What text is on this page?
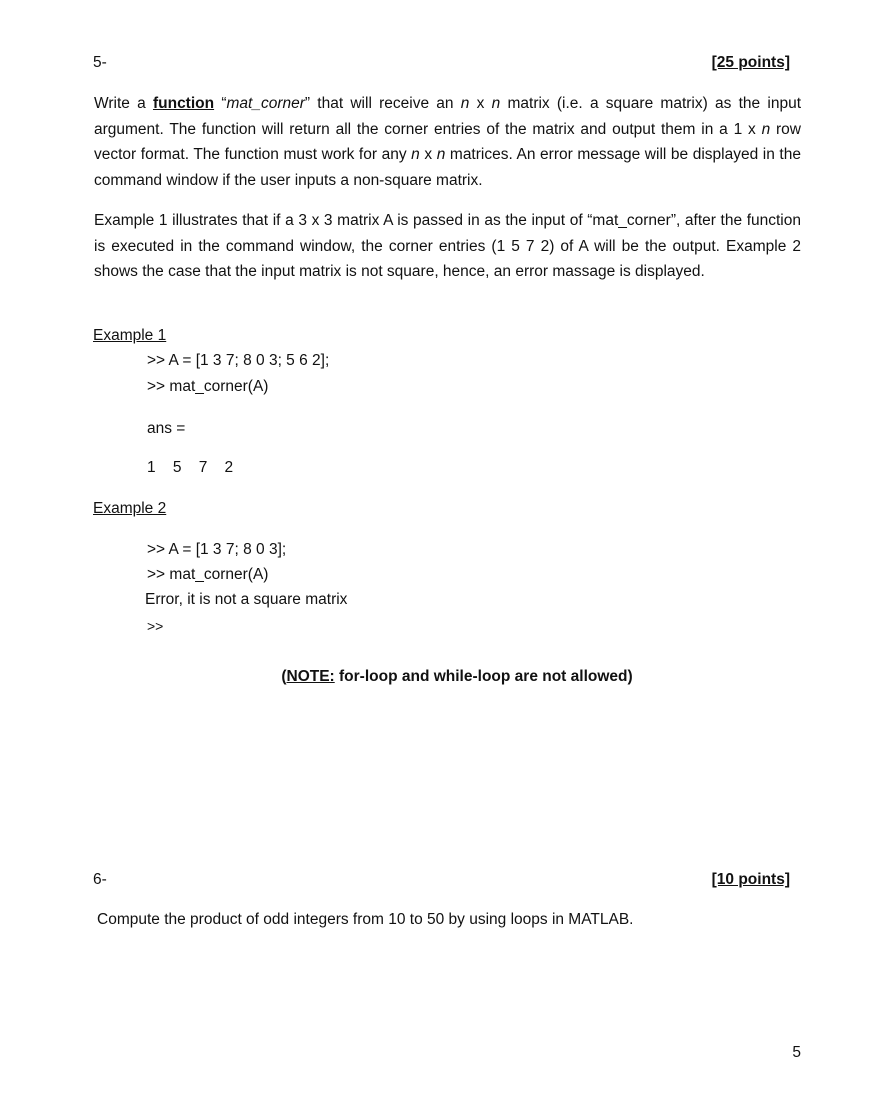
5-	[25 points]

Write a function “mat_corner” that will receive an n x n matrix (i.e. a square matrix) as the input argument. The function will return all the corner entries of the matrix and output them in a 1 x n row vector format. The function must work for any n x n matrices. An error message will be displayed in the command window if the user inputs a non-square matrix.

Example 1 illustrates that if a 3 x 3 matrix A is passed in as the input of “mat_corner”, after the function is executed in the command window, the corner entries (1 5 7 2) of A will be the output. Example 2 shows the case that the input matrix is not square, hence, an error massage is displayed.

Example 1
>> A = [1 3 7; 8 0 3; 5 6 2];
>> mat_corner(A)
ans =
1    5    7    2
Example 2
>> A = [1 3 7; 8 0 3];
>> mat_corner(A)
Error, it is not a square matrix
>>
(NOTE: for-loop and while-loop are not allowed)
6-	[10 points]
Compute the product of odd integers from 10 to 50 by using loops in MATLAB.
5
